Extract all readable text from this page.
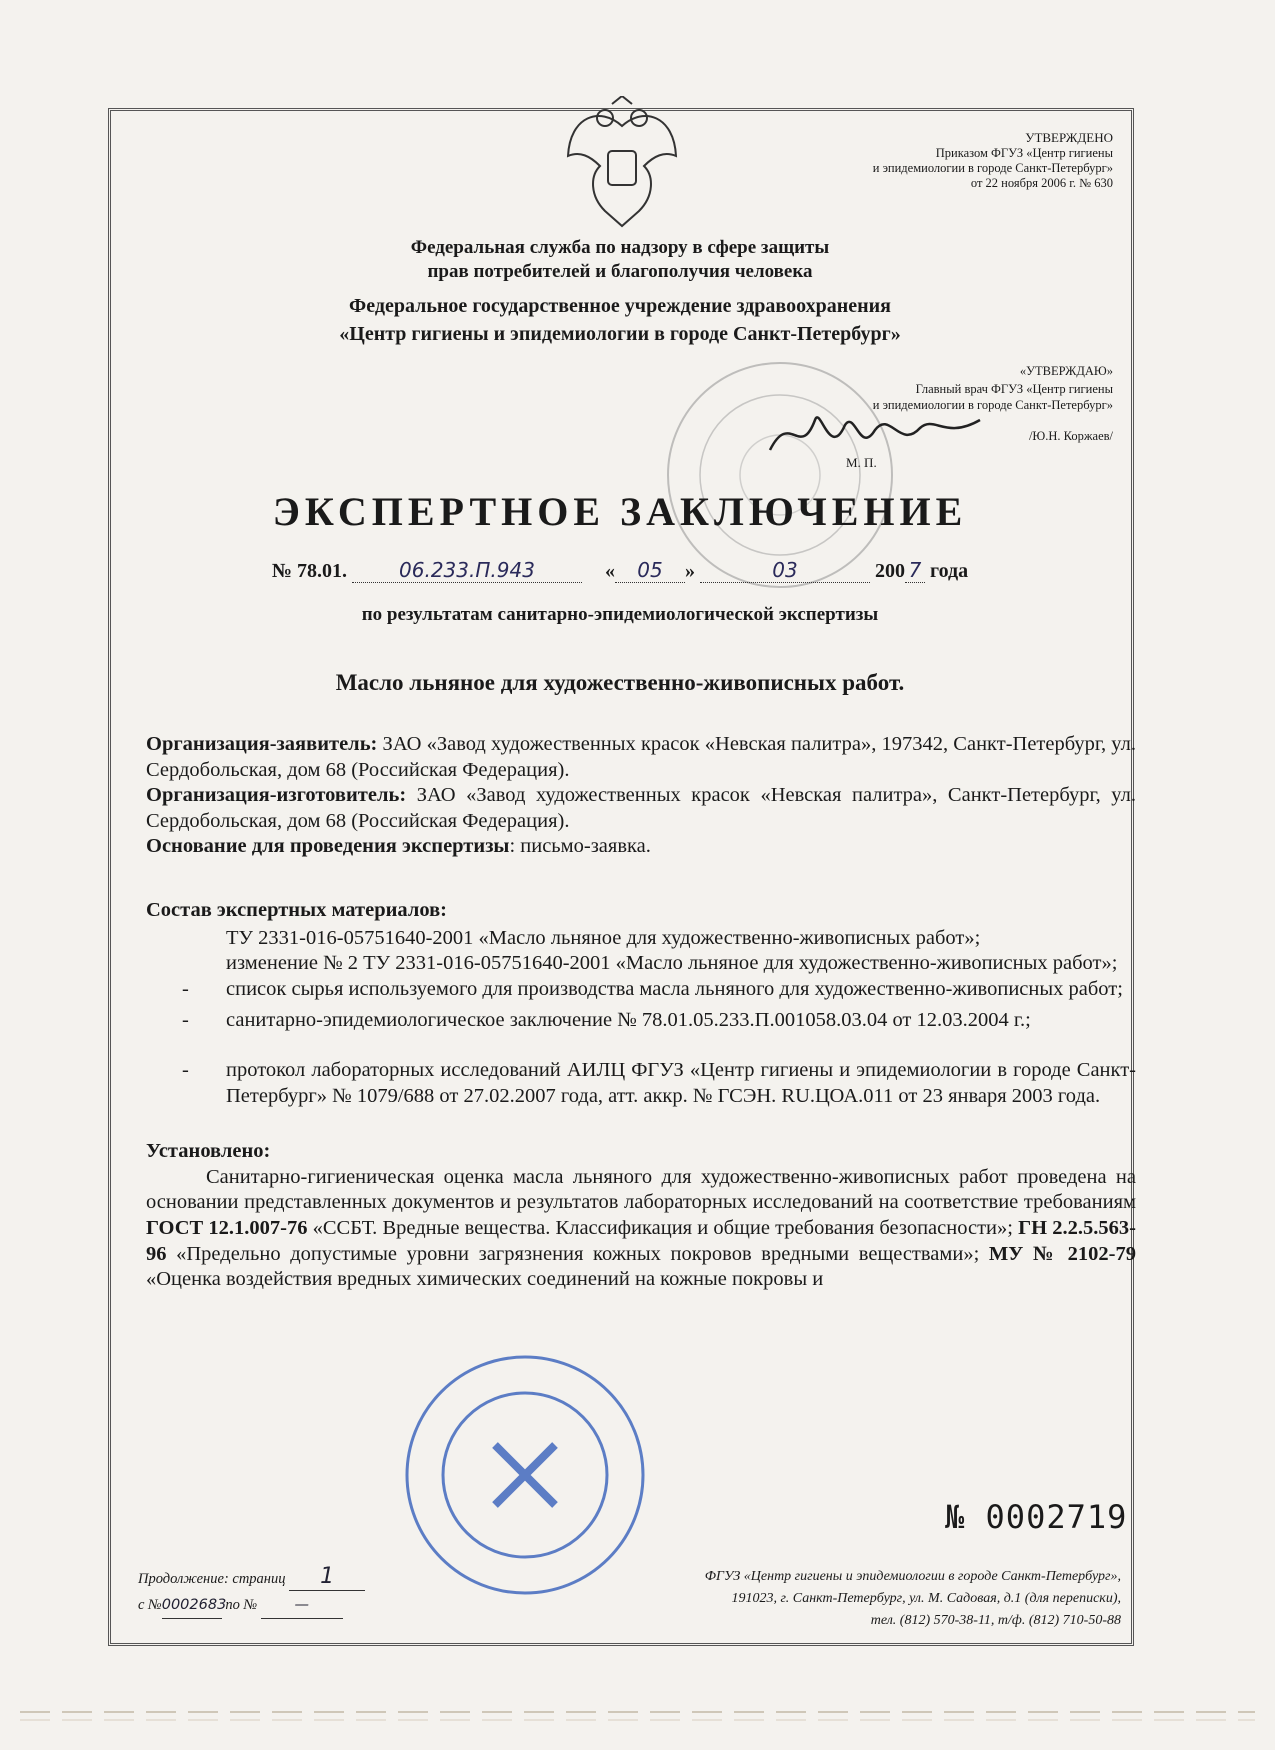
УТВЕРЖДЕНО
Приказом ФГУЗ «Центр гигиены
и эпидемиологии в городе Санкт-Петербург»
от 22 ноября 2006 г. № 630
Федеральная служба по надзору в сфере защиты
прав потребителей и благополучия человека
Федеральное государственное учреждение здравоохранения
«Центр гигиены и эпидемиологии в городе Санкт-Петербург»
«УТВЕРЖДАЮ»
Главный врач ФГУЗ «Центр гигиены
и эпидемиологии в городе Санкт-Петербург»
/Ю.Н. Коржаев/
М. П.
ЭКСПЕРТНОЕ ЗАКЛЮЧЕНИЕ
№ 78.01.	06.233.П.943	« 05 »	03	200 7 года
по результатам санитарно-эпидемиологической экспертизы
Масло льняное для художественно-живописных работ.

Организация-заявитель: ЗАО «Завод художественных красок «Невская палитра», 197342, Санкт-Петербург, ул. Сердобольская, дом 68 (Российская Федерация).

Организация-изготовитель: ЗАО «Завод художественных красок «Невская палитра», Санкт-Петербург, ул. Сердобольская, дом 68 (Российская Федерация).

Основание для проведения экспертизы: письмо-заявка.

Состав экспертных материалов:

ТУ 2331-016-05751640-2001 «Масло льняное для художественно-живописных работ»;
изменение № 2 ТУ 2331-016-05751640-2001 «Масло льняное для художественно-живописных работ»;
- список сырья используемого для производства масла льняного для художественно-живописных работ;
- санитарно-эпидемиологическое заключение № 78.01.05.233.П.001058.03.04 от 12.03.2004 г.;
- протокол лабораторных исследований АИЛЦ ФГУЗ «Центр гигиены и эпидемиологии в городе Санкт-Петербург» № 1079/688 от 27.02.2007 года, атт. аккр. № ГСЭН. RU.ЦОА.011 от 23 января 2003 года.

Установлено:

Санитарно-гигиеническая оценка масла льняного для художественно-живописных работ проведена на основании представленных документов и результатов лабораторных исследований на соответствие требованиям ГОСТ 12.1.007-76 «ССБТ. Вредные вещества. Классификация и общие требования безопасности»; ГН 2.2.5.563-96 «Предельно допустимые уровни загрязнения кожных покровов вредными веществами»; МУ № 2102-79 «Оценка воздействия вредных химических соединений на кожные покровы и

№ 0002719
Продолжение: страниц 1
с №0002683 по №	—
ФГУЗ «Центр гигиены и эпидемиологии в городе Санкт-Петербург»,
191023, г. Санкт-Петербург, ул. М. Садовая, д.1 (для переписки),
тел. (812) 570-38-11, т/ф. (812) 710-50-88
